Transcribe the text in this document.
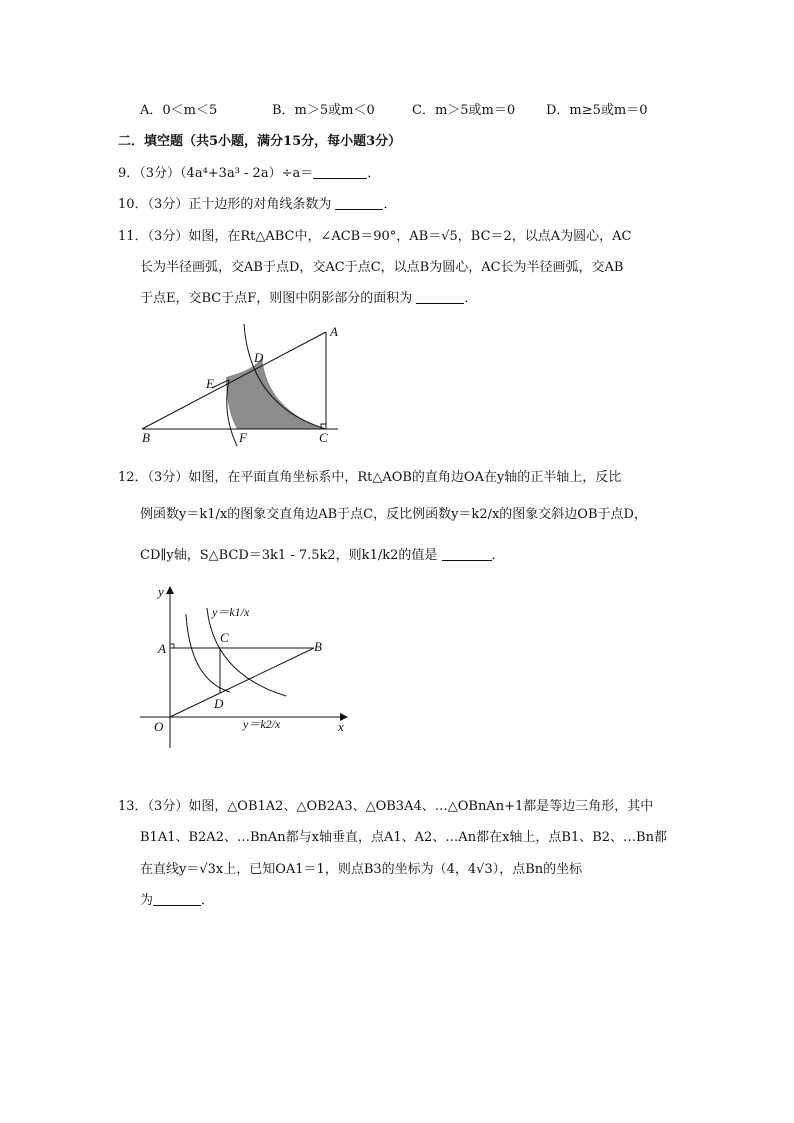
A．0＜m＜5	B．m＞5或m＜0	C．m＞5或m＝0 D．m≥5或m＝0
二．填空题（共5小题，满分15分，每小题3分）
9．（3分）（4a⁴+3a³ - 2a）÷a＝	．
10．（3分）正十边形的对角线条数为	．
11．（3分）如图，在Rt△ABC中，∠ACB＝90°，AB＝√5，BC＝2，以点A为圆心，AC
长为半径画弧，交AB于点D，交AC于点C，以点B为圆心，AC长为半径画弧，交AB
于点E，交BC于点F，则图中阴影部分的面积为	．
A
B	C
D
E
F
12．（3分）如图，在平面直角坐标系中，Rt△AOB的直角边OA在y轴的正半轴上，反比
例函数y＝k1/x的图象交直角边AB于点C，反比例函数y＝k2/x的图象交斜边OB于点D，
CD∥y轴，S△BCD＝3k1 - 7.5k2，则k1/k2的值是	．
y
x
O
A	B
C
D
y＝k1/x
y＝k2/x
13．（3分）如图，△OB1A2、△OB2A3、△OB3A4、…△OBnAn+1都是等边三角形，其中
B1A1、B2A2、…BnAn都与x轴垂直，点A1、A2、…An都在x轴上，点B1、B2、…Bn都
在直线y＝√3x上，已知OA1＝1，则点B3的坐标为（4，4√3），点Bn的坐标
为	．
